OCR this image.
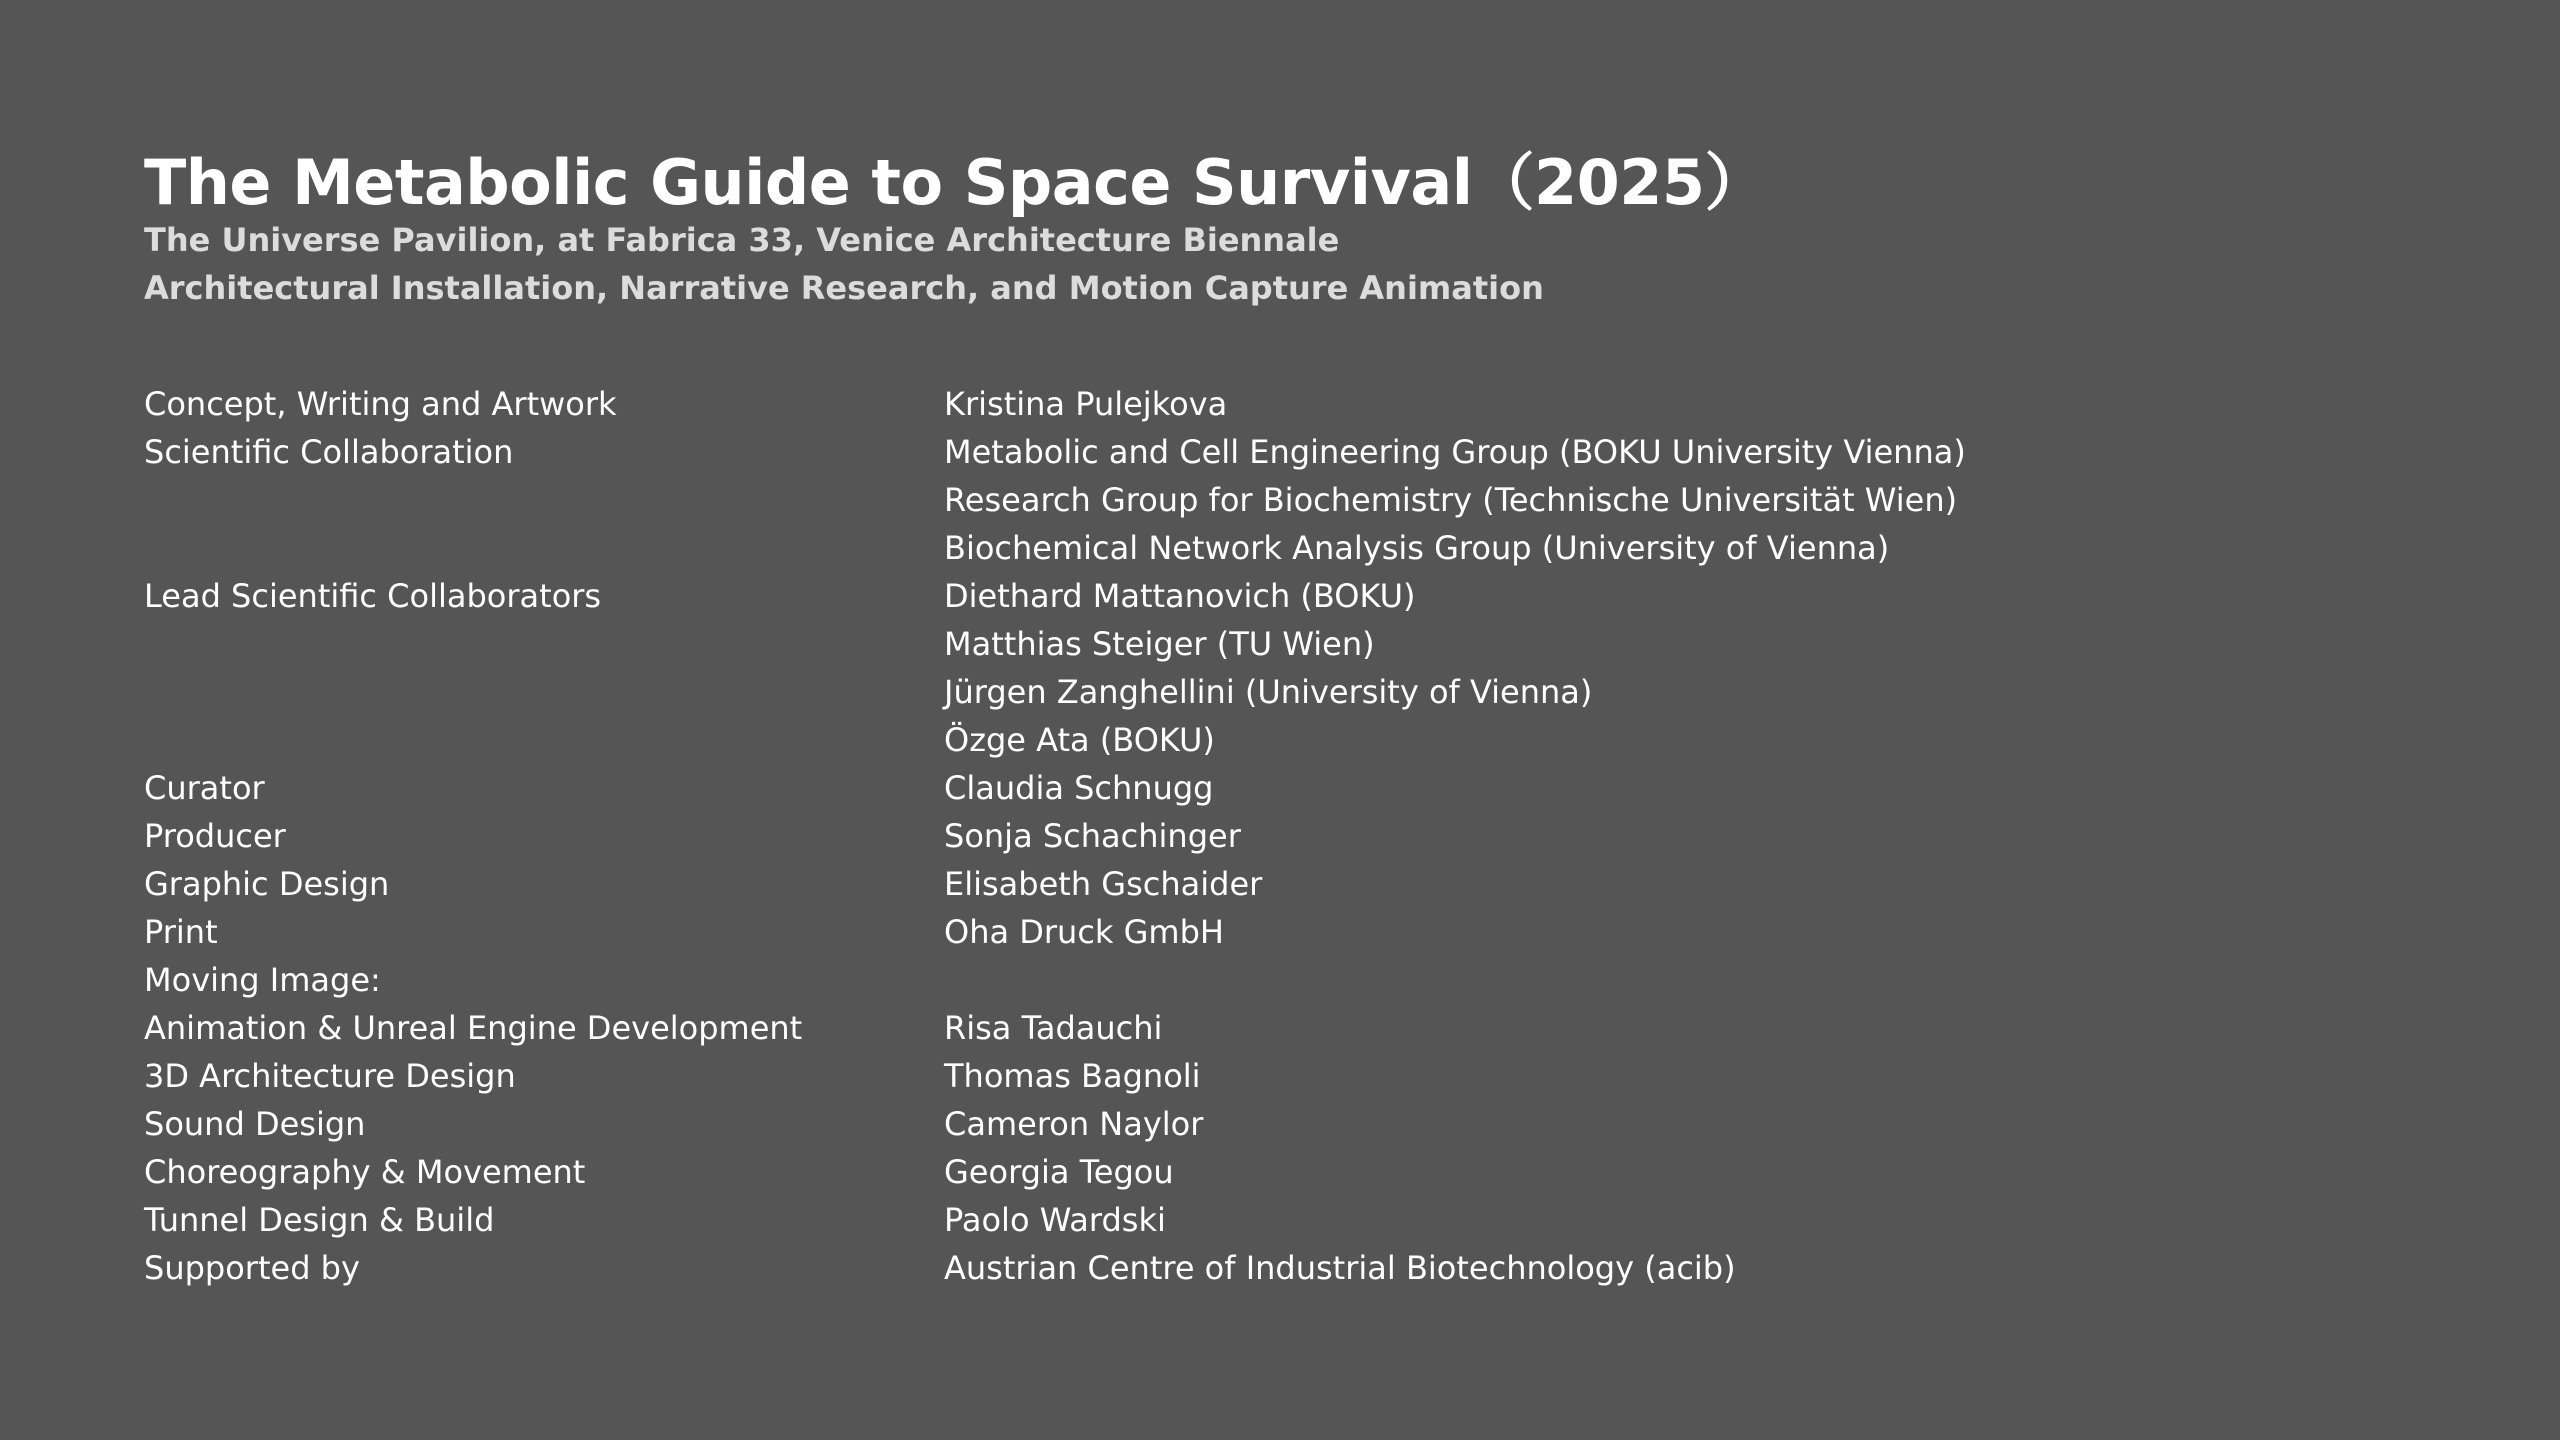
The Metabolic Guide to Space Survival（2025）

The Universe Pavilion, at Fabrica 33, Venice Architecture Biennale

Architectural Installation, Narrative Research, and Motion Capture Animation

Concept, Writing and Artwork	Kristina Pulejkova
Scientific Collaboration	Metabolic and Cell Engineering Group (BOKU University Vienna)
Research Group for Biochemistry (Technische Universität Wien)
Biochemical Network Analysis Group (University of Vienna)
Lead Scientific Collaborators	Diethard Mattanovich (BOKU)
Matthias Steiger (TU Wien)
Jürgen Zanghellini (University of Vienna)
Özge Ata (BOKU)
Curator	Claudia Schnugg
Producer	Sonja Schachinger
Graphic Design	Elisabeth Gschaider
Print	Oha Druck GmbH
Moving Image:

Animation & Unreal Engine Development	Risa Tadauchi
3D Architecture Design	Thomas Bagnoli
Sound Design	Cameron Naylor
Choreography & Movement	Georgia Tegou
Tunnel Design & Build	Paolo Wardski
Supported by	Austrian Centre of Industrial Biotechnology (acib)
